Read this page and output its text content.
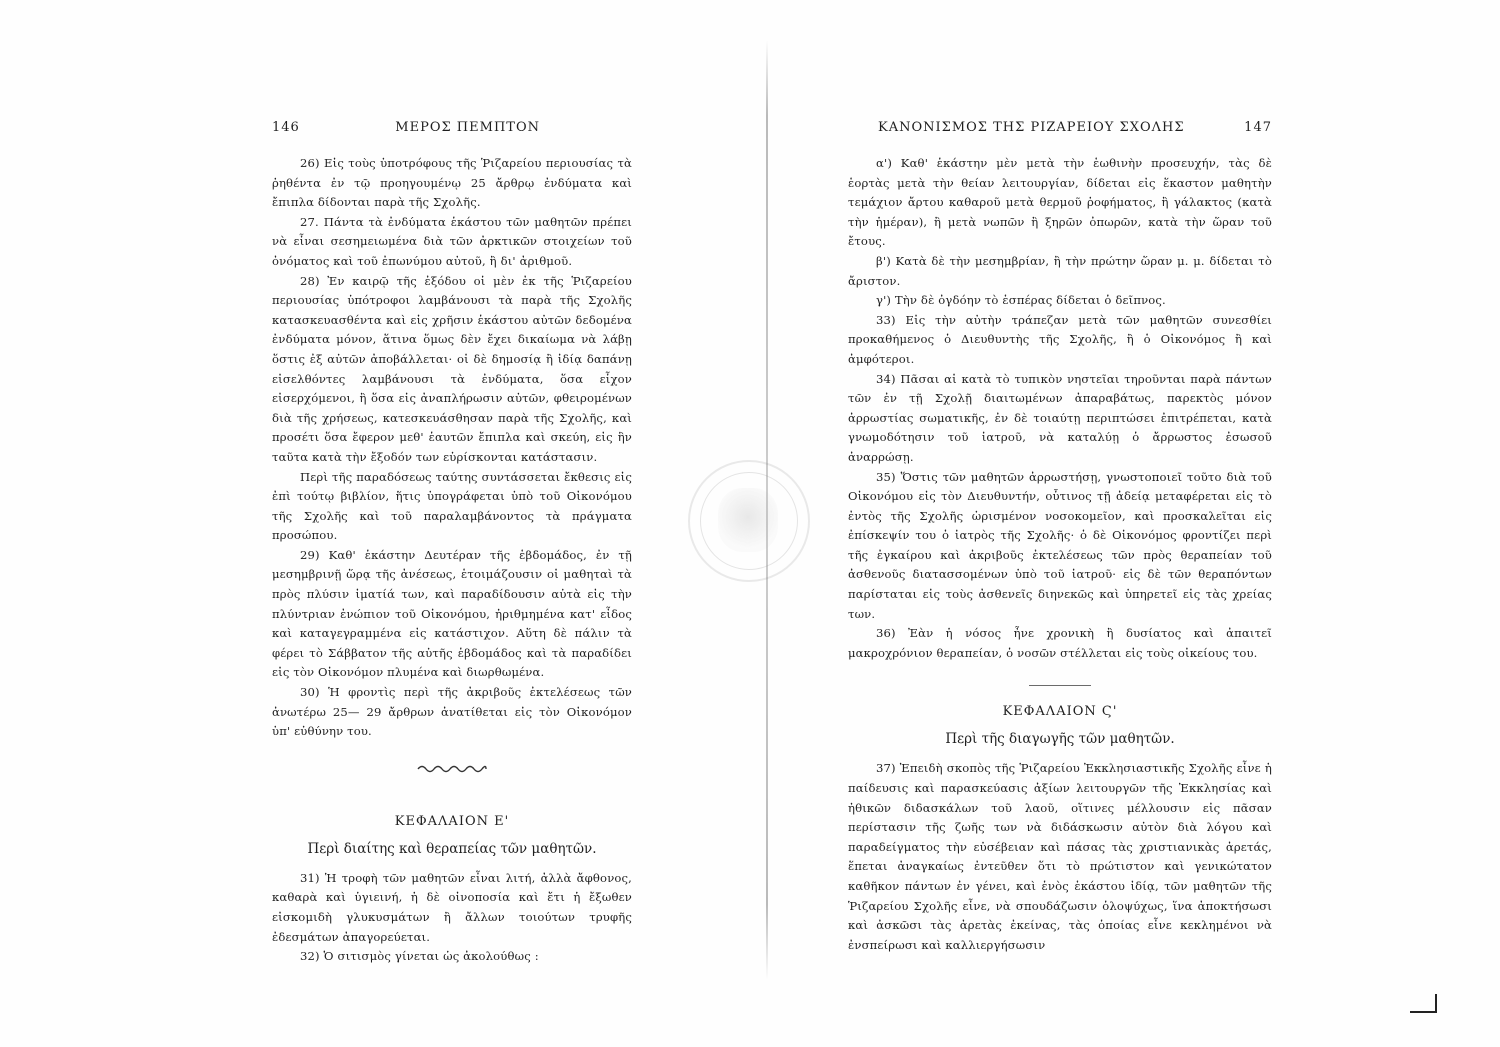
146	ΜΕΡΟΣ ΠΕΜΠΤΟΝ

26) Εἰς τοὺς ὑποτρόφους τῆς Ῥιζαρείου περιουσίας τὰ ῥηθέντα ἐν τῷ προηγουμένῳ 25 ἄρθρῳ ἐνδύματα καὶ ἔπιπλα δίδονται παρὰ τῆς Σχολῆς.

27. Πάντα τὰ ἐνδύματα ἑκάστου τῶν μαθητῶν πρέπει νὰ εἶναι σεσημειωμένα διὰ τῶν ἀρκτικῶν στοιχείων τοῦ ὀνόματος καὶ τοῦ ἐπωνύμου αὐτοῦ, ἢ δι' ἀριθμοῦ.

28) Ἐν καιρῷ τῆς ἐξόδου οἱ μὲν ἐκ τῆς Ῥιζαρείου περιουσίας ὑπότροφοι λαμβάνουσι τὰ παρὰ τῆς Σχολῆς κατασκευασθέντα καὶ εἰς χρῆσιν ἑκάστου αὐτῶν δεδομένα ἐνδύματα μόνον, ἅτινα ὅμως δὲν ἔχει δικαίωμα νὰ λάβῃ ὅστις ἐξ αὐτῶν ἀποβάλλεται· οἱ δὲ δημοσίᾳ ἢ ἰδίᾳ δαπάνῃ εἰσελθόντες λαμβάνουσι τὰ ἐνδύματα, ὅσα εἶχον εἰσερχόμενοι, ἢ ὅσα εἰς ἀναπλήρωσιν αὐτῶν, φθειρομένων διὰ τῆς χρήσεως, κατεσκευάσθησαν παρὰ τῆς Σχολῆς, καὶ προσέτι ὅσα ἔφερον μεθ' ἑαυτῶν ἔπιπλα καὶ σκεύη, εἰς ἣν ταῦτα κατὰ τὴν ἔξοδόν των εὑρίσκονται κατάστασιν.

Περὶ τῆς παραδόσεως ταύτης συντάσσεται ἔκθεσις εἰς ἐπὶ τούτῳ βιβλίον, ἥτις ὑπογράφεται ὑπὸ τοῦ Οἰκονόμου τῆς Σχολῆς καὶ τοῦ παραλαμβάνοντος τὰ πράγματα προσώπου.

29) Καθ' ἑκάστην Δευτέραν τῆς ἑβδομάδος, ἐν τῇ μεσημβρινῇ ὥρᾳ τῆς ἀνέσεως, ἑτοιμάζουσιν οἱ μαθηταὶ τὰ πρὸς πλύσιν ἱματίά των, καὶ παραδίδουσιν αὐτὰ εἰς τὴν πλύντριαν ἐνώπιον τοῦ Οἰκονόμου, ἠριθμημένα κατ' εἶδος καὶ καταγεγραμμένα εἰς κατάστιχον. Αὕτη δὲ πάλιν τὰ φέρει τὸ Σάββατον τῆς αὐτῆς ἑβδομάδος καὶ τὰ παραδίδει εἰς τὸν Οἰκονόμον πλυμένα καὶ διωρθωμένα.

30) Ἡ φροντὶς περὶ τῆς ἀκριβοῦς ἐκτελέσεως τῶν ἀνωτέρω 25— 29 ἄρθρων ἀνατίθεται εἰς τὸν Οἰκονόμον ὑπ' εὐθύνην του.

ΚΕΦΑΛΑΙΟΝ Ε'
Περὶ διαίτης καὶ θεραπείας τῶν μαθητῶν.

31) Ἡ τροφὴ τῶν μαθητῶν εἶναι λιτή, ἀλλὰ ἄφθονος, καθαρὰ καὶ ὑγιεινή, ἡ δὲ οἰνοποσία καὶ ἔτι ἡ ἔξωθεν εἰσκομιδὴ γλυκυσμάτων ἢ ἄλλων τοιούτων τρυφῆς ἐδεσμάτων ἀπαγορεύεται.

32) Ὁ σιτισμὸς γίνεται ὡς ἀκολούθως :

ΚΑΝΟΝΙΣΜΟΣ ΤΗΣ ΡΙΖΑΡΕΙΟΥ ΣΧΟΛΗΣ	147

α') Καθ' ἑκάστην μὲν μετὰ τὴν ἑωθινὴν προσευχήν, τὰς δὲ ἑορτὰς μετὰ τὴν θείαν λειτουργίαν, δίδεται εἰς ἕκαστον μαθητὴν τεμάχιον ἄρτου καθαροῦ μετὰ θερμοῦ ῥοφήματος, ἢ γάλακτος (κατὰ τὴν ἡμέραν), ἢ μετὰ νωπῶν ἢ ξηρῶν ὀπωρῶν, κατὰ τὴν ὥραν τοῦ ἔτους.

β') Κατὰ δὲ τὴν μεσημβρίαν, ἢ τὴν πρώτην ὥραν μ. μ. δίδεται τὸ ἄριστον.

γ') Τὴν δὲ ὀγδόην τὸ ἑσπέρας δίδεται ὁ δεῖπνος.

33) Εἰς τὴν αὐτὴν τράπεζαν μετὰ τῶν μαθητῶν συνεσθίει προκαθήμενος ὁ Διευθυντὴς τῆς Σχολῆς, ἢ ὁ Οἰκονόμος ἢ καὶ ἀμφότεροι.

34) Πᾶσαι αἱ κατὰ τὸ τυπικὸν νηστεῖαι τηροῦνται παρὰ πάντων τῶν ἐν τῇ Σχολῇ διαιτωμένων ἀπαραβάτως, παρεκτὸς μόνον ἀρρωστίας σωματικῆς, ἐν δὲ τοιαύτῃ περιπτώσει ἐπιτρέπεται, κατὰ γνωμοδότησιν τοῦ ἰατροῦ, νὰ καταλύῃ ὁ ἄρρωστος ἐσωσοῦ ἀναρρώσῃ.

35) Ὅστις τῶν μαθητῶν ἀρρωστήσῃ, γνωστοποιεῖ τοῦτο διὰ τοῦ Οἰκονόμου εἰς τὸν Διευθυντήν, οὗτινος τῇ ἀδείᾳ μεταφέρεται εἰς τὸ ἐντὸς τῆς Σχολῆς ὡρισμένον νοσοκομεῖον, καὶ προσκαλεῖται εἰς ἐπίσκεψίν του ὁ ἰατρὸς τῆς Σχολῆς· ὁ δὲ Οἰκονόμος φροντίζει περὶ τῆς ἐγκαίρου καὶ ἀκριβοῦς ἐκτελέσεως τῶν πρὸς θεραπείαν τοῦ ἀσθενοῦς διατασσομένων ὑπὸ τοῦ ἰατροῦ· εἰς δὲ τῶν θεραπόντων παρίσταται εἰς τοὺς ἀσθενεῖς διηνεκῶς καὶ ὑπηρετεῖ εἰς τὰς χρείας των.

36) Ἐὰν ἡ νόσος ἦνε χρονικὴ ἢ δυσίατος καὶ ἀπαιτεῖ μακροχρόνιον θεραπείαν, ὁ νοσῶν στέλλεται εἰς τοὺς οἰκείους του.

ΚΕΦΑΛΑΙΟΝ Ϛ'
Περὶ τῆς διαγωγῆς τῶν μαθητῶν.

37) Ἐπειδὴ σκοπὸς τῆς Ῥιζαρείου Ἐκκλησιαστικῆς Σχολῆς εἶνε ἡ παίδευσις καὶ παρασκεύασις ἀξίων λειτουργῶν τῆς Ἐκκλησίας καὶ ἠθικῶν διδασκάλων τοῦ λαοῦ, οἵτινες μέλλουσιν εἰς πᾶσαν περίστασιν τῆς ζωῆς των νὰ διδάσκωσιν αὐτὸν διὰ λόγου καὶ παραδείγματος τὴν εὐσέβειαν καὶ πάσας τὰς χριστιανικὰς ἀρετάς, ἕπεται ἀναγκαίως ἐντεῦθεν ὅτι τὸ πρώτιστον καὶ γενικώτατον καθῆκον πάντων ἐν γένει, καὶ ἑνὸς ἑκάστου ἰδίᾳ, τῶν μαθητῶν τῆς Ῥιζαρείου Σχολῆς εἶνε, νὰ σπουδάζωσιν ὁλοψύχως, ἵνα ἀποκτήσωσι καὶ ἀσκῶσι τὰς ἀρετὰς ἐκείνας, τὰς ὁποίας εἶνε κεκλημένοι νὰ ἐνσπείρωσι καὶ καλλιεργήσωσιν
